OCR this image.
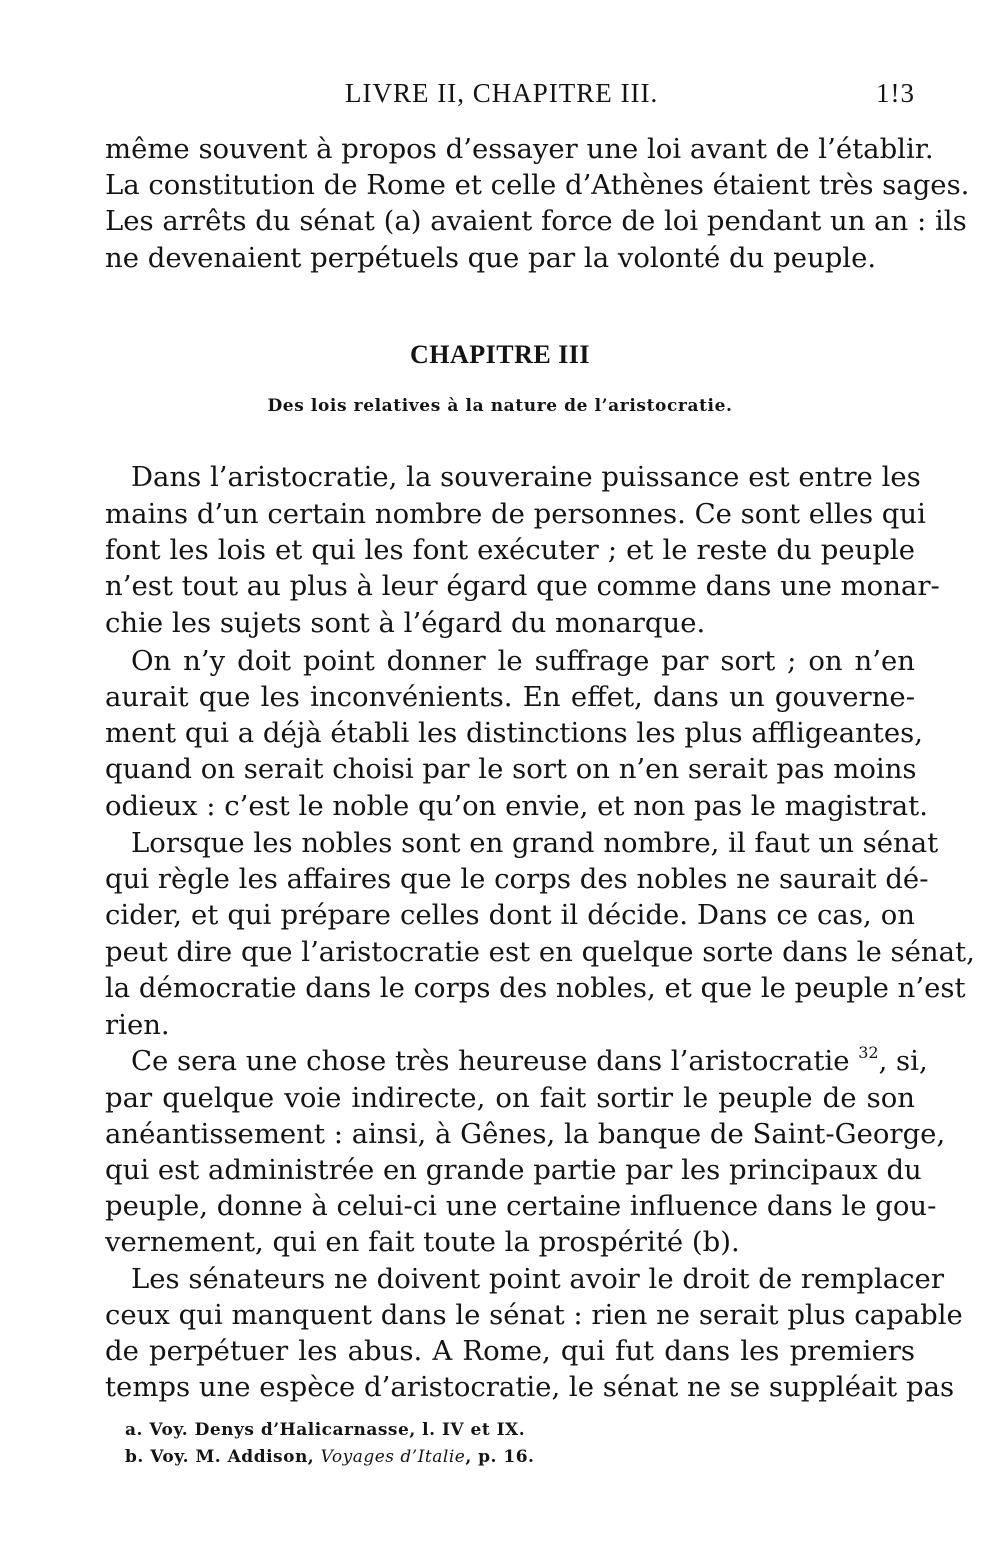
LIVRE II, CHAPITRE III.	1!3
même souvent à propos d’essayer une loi avant de l’établir.
La constitution de Rome et celle d’Athènes étaient très sages.
Les arrêts du sénat (a) avaient force de loi pendant un an : ils
ne devenaient perpétuels que par la volonté du peuple.
CHAPITRE III
Des lois relatives à la nature de l’aristocratie.
Dans l’aristocratie, la souveraine puissance est entre les
mains d’un certain nombre de personnes. Ce sont elles qui
font les lois et qui les font exécuter ; et le reste du peuple
n’est tout au plus à leur égard que comme dans une monar-
chie les sujets sont à l’égard du monarque.
On n’y doit point donner le suffrage par sort ; on n’en
aurait que les inconvénients. En effet, dans un gouverne-
ment qui a déjà établi les distinctions les plus affligeantes,
quand on serait choisi par le sort on n’en serait pas moins
odieux : c’est le noble qu’on envie, et non pas le magistrat.
Lorsque les nobles sont en grand nombre, il faut un sénat
qui règle les affaires que le corps des nobles ne saurait dé-
cider, et qui prépare celles dont il décide. Dans ce cas, on
peut dire que l’aristocratie est en quelque sorte dans le sénat,
la démocratie dans le corps des nobles, et que le peuple n’est
rien.
Ce sera une chose très heureuse dans l’aristocratie $^{32}$, si,
par quelque voie indirecte, on fait sortir le peuple de son
anéantissement : ainsi, à Gênes, la banque de Saint-George,
qui est administrée en grande partie par les principaux du
peuple, donne à celui-ci une certaine influence dans le gou-
vernement, qui en fait toute la prospérité (b).
Les sénateurs ne doivent point avoir le droit de remplacer
ceux qui manquent dans le sénat : rien ne serait plus capable
de perpétuer les abus. A Rome, qui fut dans les premiers
temps une espèce d’aristocratie, le sénat ne se suppléait pas
a. Voy. Denys d’Halicarnasse, l. IV et IX.
b. Voy. M. Addison, Voyages d’Italie, p. 16.
